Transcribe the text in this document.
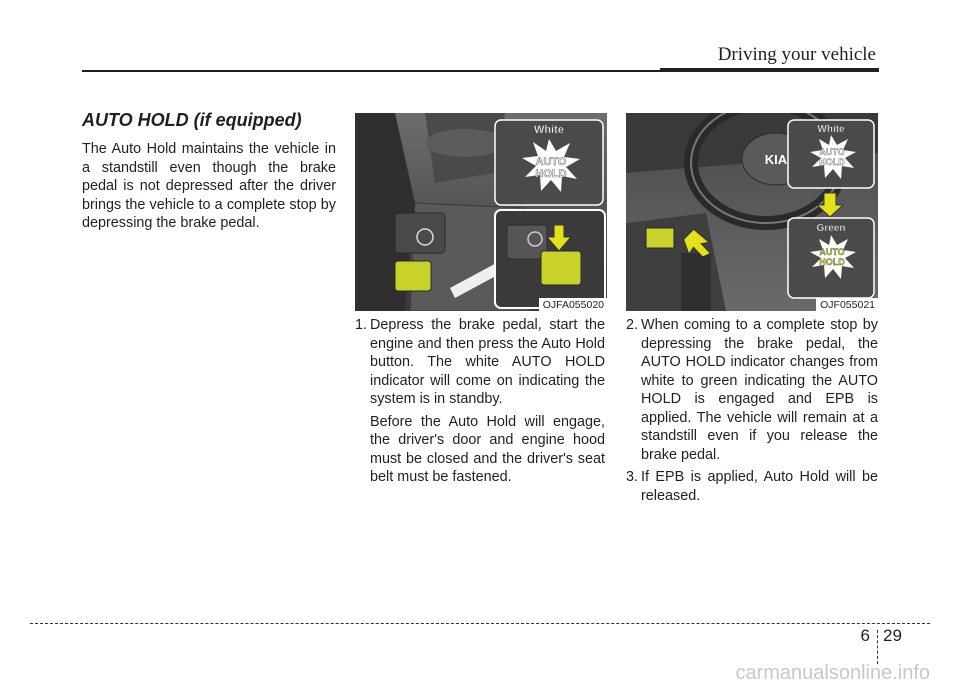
Driving your vehicle
AUTO HOLD (if equipped)

The Auto Hold maintains the vehicle in a standstill even though the brake pedal is not depressed after the driver brings the vehicle to a complete stop by depressing the brake pedal.

White
AUTO
HOLD
OJFA055020
KIA
White
AUTO
HOLD
Green
AUTO
HOLD
OJF055021
1. Depress the brake pedal, start the engine and then press the Auto Hold button. The white AUTO HOLD indicator will come on indicating the system is in standby.
Before the Auto Hold will engage, the driver's door and engine hood must be closed and the driver's seat belt must be fastened.
2. When coming to a complete stop by depressing the brake pedal, the AUTO HOLD indicator changes from white to green indicating the AUTO HOLD is engaged and EPB is applied. The vehicle will remain at a standstill even if you release the brake pedal.
3. If EPB is applied, Auto Hold will be released.
6 29
carmanualsonline.info
